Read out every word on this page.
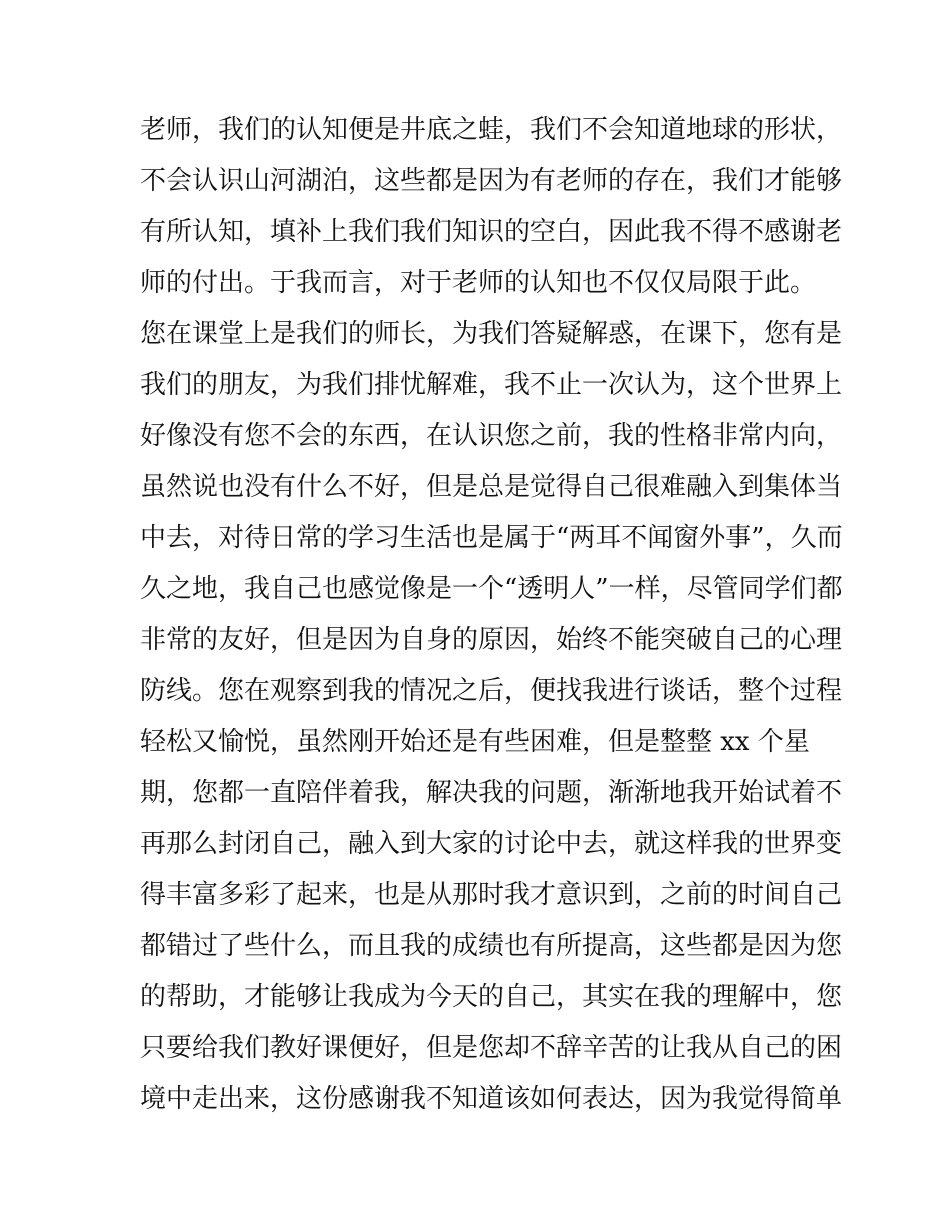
老师，我们的认知便是井底之蛙，我们不会知道地球的形状，
不会认识山河湖泊，这些都是因为有老师的存在，我们才能够
有所认知，填补上我们我们知识的空白，因此我不得不感谢老
师的付出。于我而言，对于老师的认知也不仅仅局限于此。
您在课堂上是我们的师长，为我们答疑解惑，在课下，您有是
我们的朋友，为我们排忧解难，我不止一次认为，这个世界上
好像没有您不会的东西，在认识您之前，我的性格非常内向，
虽然说也没有什么不好，但是总是觉得自己很难融入到集体当
中去，对待日常的学习生活也是属于“两耳不闻窗外事”，久而
久之地，我自己也感觉像是一个“透明人”一样，尽管同学们都
非常的友好，但是因为自身的原因，始终不能突破自己的心理
防线。您在观察到我的情况之后，便找我进行谈话，整个过程
轻松又愉悦，虽然刚开始还是有些困难，但是整整 xx 个星
期，您都一直陪伴着我，解决我的问题，渐渐地我开始试着不
再那么封闭自己，融入到大家的讨论中去，就这样我的世界变
得丰富多彩了起来，也是从那时我才意识到，之前的时间自己
都错过了些什么，而且我的成绩也有所提高，这些都是因为您
的帮助，才能够让我成为今天的自己，其实在我的理解中，您
只要给我们教好课便好，但是您却不辞辛苦的让我从自己的困
境中走出来，这份感谢我不知道该如何表达，因为我觉得简单
